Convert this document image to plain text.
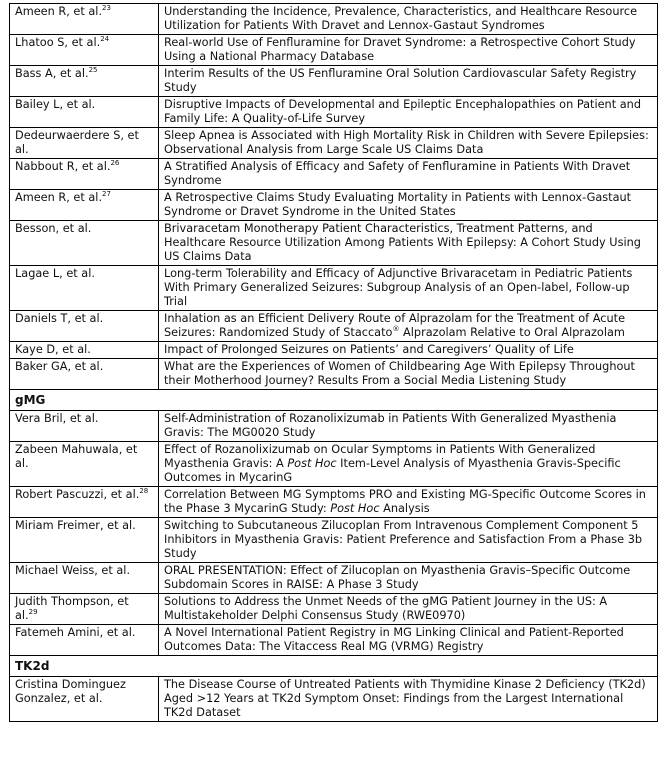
Ameen R, et al.$^{23}$	Understanding the Incidence, Prevalence, Characteristics, and Healthcare Resource Utilization for Patients With Dravet and Lennox-Gastaut Syndromes
Lhatoo S, et al.$^{24}$	Real-world Use of Fenfluramine for Dravet Syndrome: a Retrospective Cohort Study Using a National Pharmacy Database
Bass A, et al.$^{25}$	Interim Results of the US Fenfluramine Oral Solution Cardiovascular Safety Registry Study
Bailey L, et al.	Disruptive Impacts of Developmental and Epileptic Encephalopathies on Patient and Family Life: A Quality-of-Life Survey
Dedeurwaerdere S, et al.	Sleep Apnea is Associated with High Mortality Risk in Children with Severe Epilepsies: Observational Analysis from Large Scale US Claims Data
Nabbout R, et al.$^{26}$	A Stratified Analysis of Efficacy and Safety of Fenfluramine in Patients With Dravet Syndrome
Ameen R, et al.$^{27}$	A Retrospective Claims Study Evaluating Mortality in Patients with Lennox-Gastaut Syndrome or Dravet Syndrome in the United States
Besson, et al.	Brivaracetam Monotherapy Patient Characteristics, Treatment Patterns, and Healthcare Resource Utilization Among Patients With Epilepsy: A Cohort Study Using US Claims Data
Lagae L, et al.	Long-term Tolerability and Efficacy of Adjunctive Brivaracetam in Pediatric Patients With Primary Generalized Seizures: Subgroup Analysis of an Open-label, Follow-up Trial
Daniels T, et al.	Inhalation as an Efficient Delivery Route of Alprazolam for the Treatment of Acute Seizures: Randomized Study of Staccato® Alprazolam Relative to Oral Alprazolam
Kaye D, et al.	Impact of Prolonged Seizures on Patients’ and Caregivers’ Quality of Life
Baker GA, et al.	What are the Experiences of Women of Childbearing Age With Epilepsy Throughout their Motherhood Journey? Results From a Social Media Listening Study
gMG	
Vera Bril, et al.	Self-Administration of Rozanolixizumab in Patients With Generalized Myasthenia Gravis: The MG0020 Study
Zabeen Mahuwala, et al.	Effect of Rozanolixizumab on Ocular Symptoms in Patients With Generalized Myasthenia Gravis: A Post Hoc Item-Level Analysis of Myasthenia Gravis-Specific Outcomes in MycarinG
Robert Pascuzzi, et al.$^{28}$	Correlation Between MG Symptoms PRO and Existing MG-Specific Outcome Scores in the Phase 3 MycarinG Study: Post Hoc Analysis
Miriam Freimer, et al.	Switching to Subcutaneous Zilucoplan From Intravenous Complement Component 5 Inhibitors in Myasthenia Gravis: Patient Preference and Satisfaction From a Phase 3b Study
Michael Weiss, et al.	ORAL PRESENTATION: Effect of Zilucoplan on Myasthenia Gravis–Specific Outcome Subdomain Scores in RAISE: A Phase 3 Study
Judith Thompson, et al.$^{29}$	Solutions to Address the Unmet Needs of the gMG Patient Journey in the US: A Multistakeholder Delphi Consensus Study (RWE0970)
Fatemeh Amini, et al.	A Novel International Patient Registry in MG Linking Clinical and Patient-Reported Outcomes Data: The Vitaccess Real MG (VRMG) Registry
TK2d	
Cristina Dominguez Gonzalez, et al.	The Disease Course of Untreated Patients with Thymidine Kinase 2 Deficiency (TK2d) Aged >12 Years at TK2d Symptom Onset: Findings from the Largest International TK2d Dataset
